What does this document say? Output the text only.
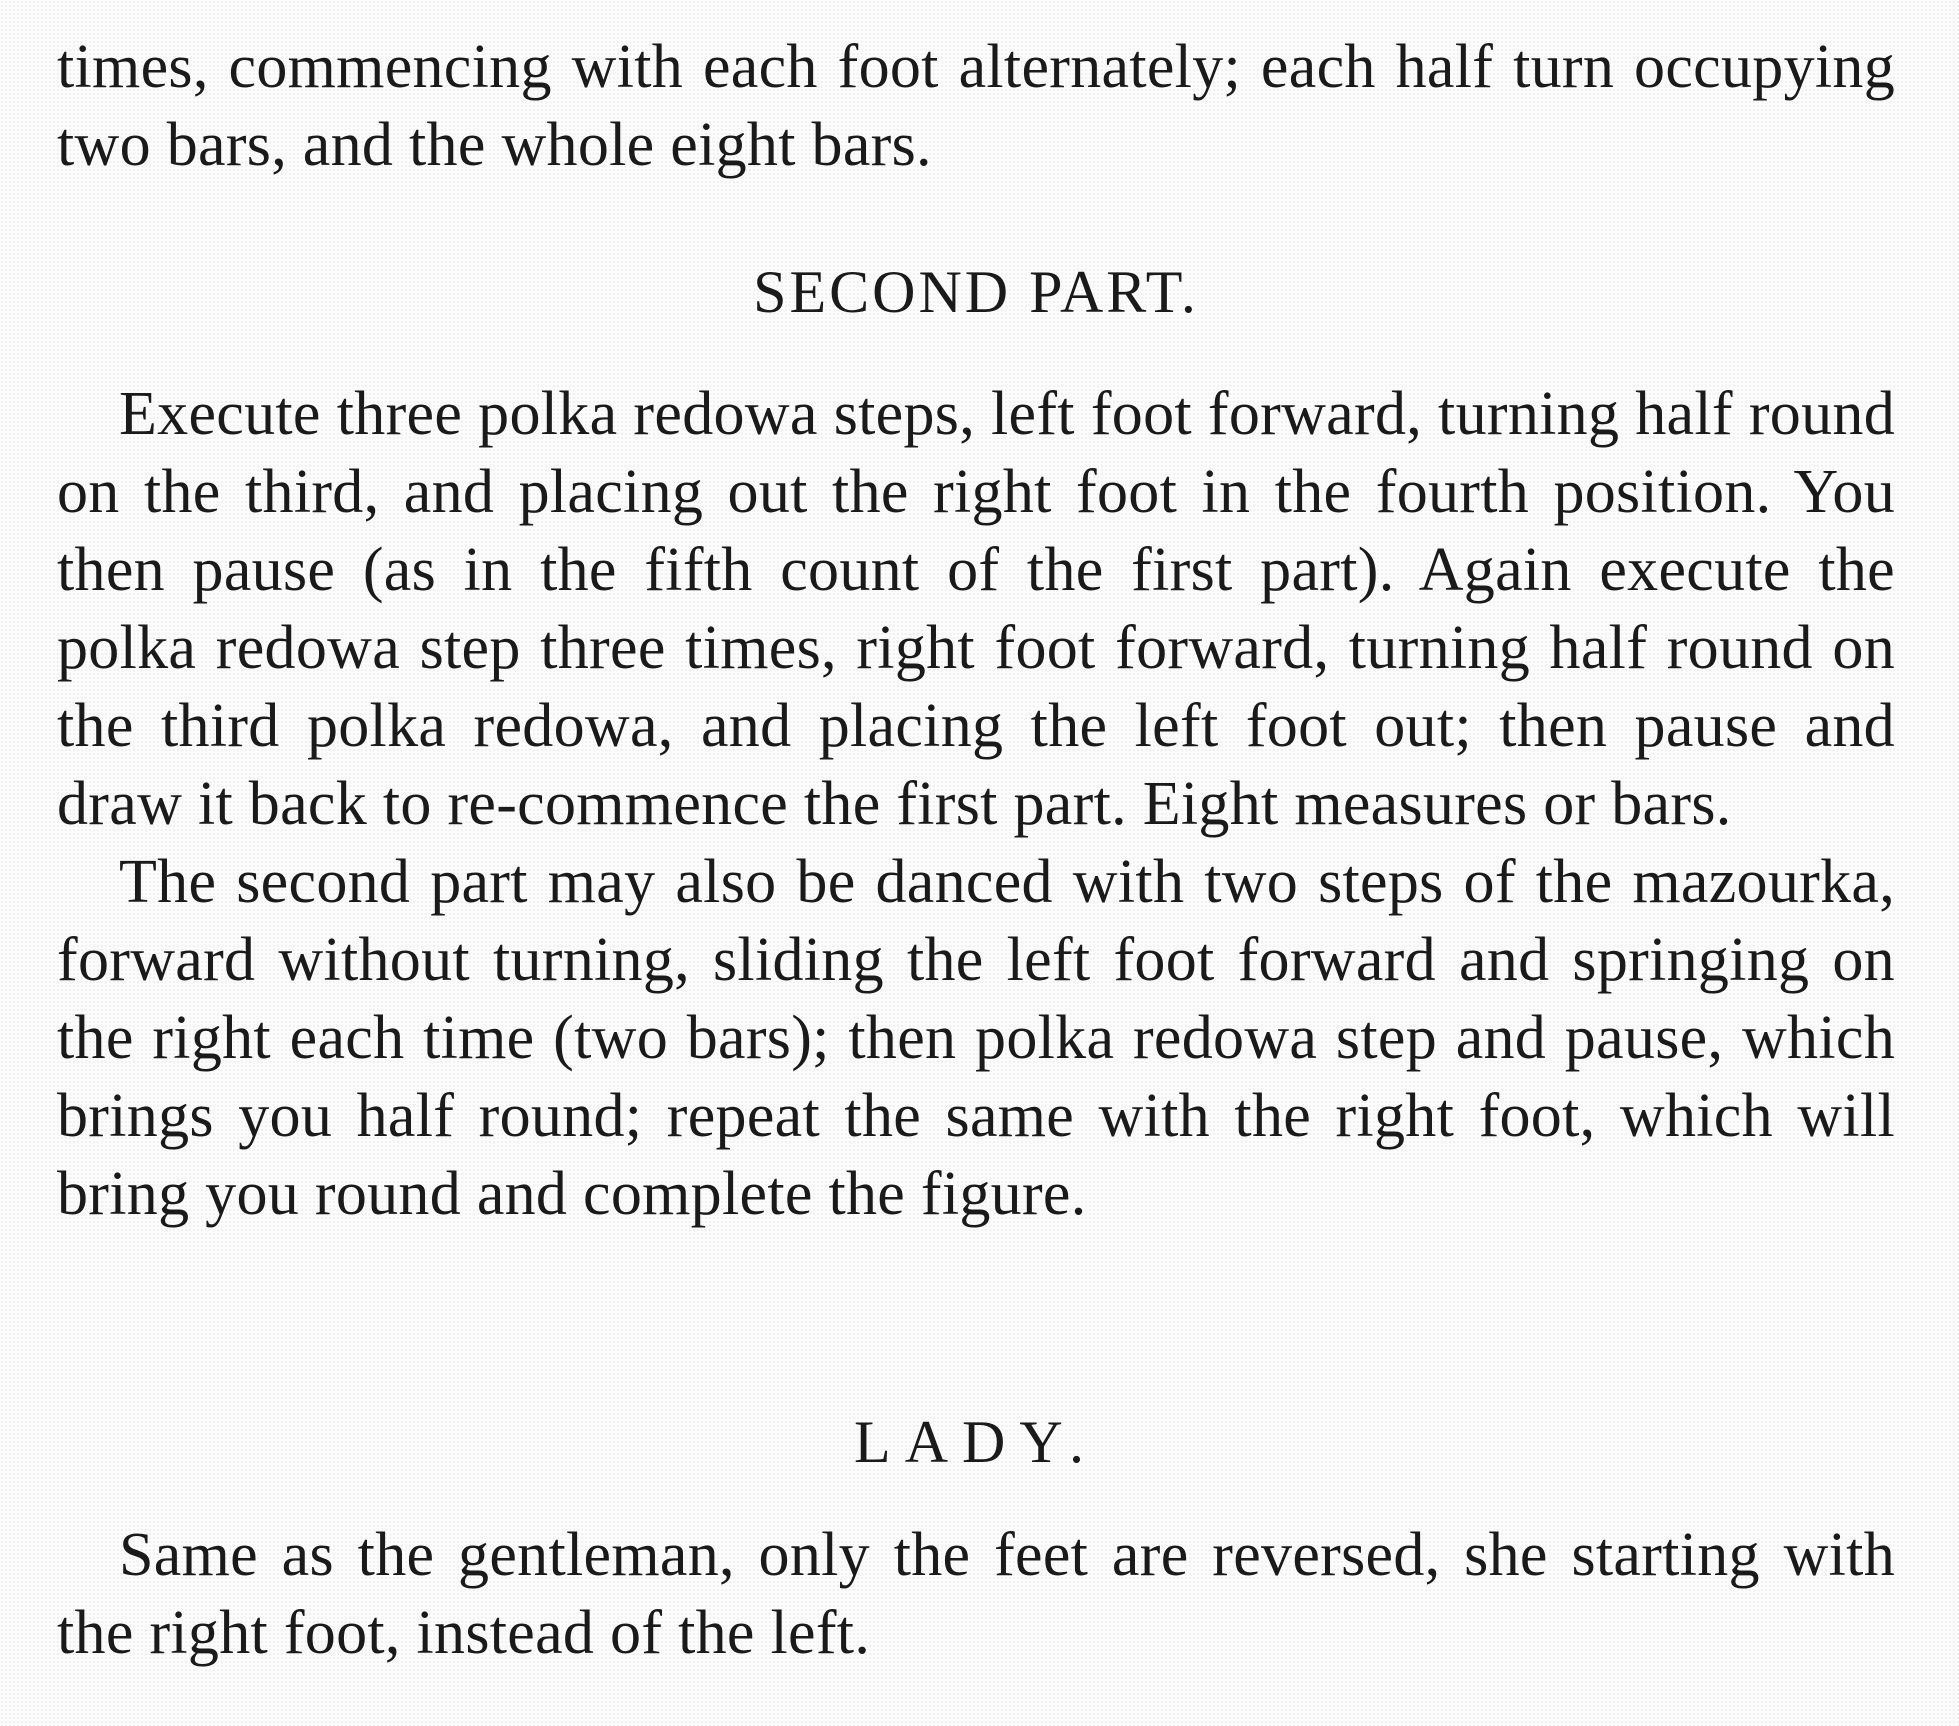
times, commencing with each foot alternately; each half turn occupying two bars, and the whole eight bars.

SECOND PART.

Execute three polka redowa steps, left foot forward, turning half round on the third, and placing out the right foot in the fourth position. You then pause (as in the fifth count of the first part). Again execute the polka redowa step three times, right foot forward, turning half round on the third polka redowa, and placing the left foot out; then pause and draw it back to re-commence the first part. Eight measures or bars.

The second part may also be danced with two steps of the mazourka, forward without turning, sliding the left foot forward and springing on the right each time (two bars); then polka redowa step and pause, which brings you half round; repeat the same with the right foot, which will bring you round and complete the figure.

LADY.

Same as the gentleman, only the feet are reversed, she starting with the right foot, instead of the left.
